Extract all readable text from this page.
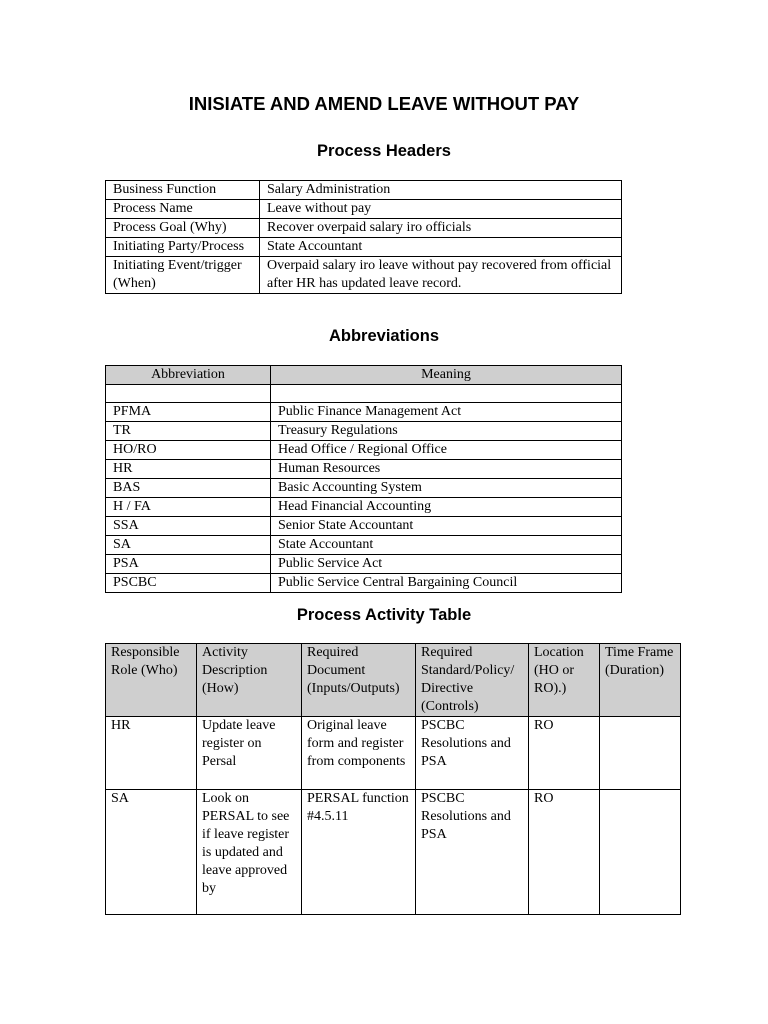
INISIATE AND AMEND LEAVE WITHOUT PAY
Process Headers
Business Function	Salary Administration
Process Name	Leave without pay
Process Goal (Why)	Recover overpaid salary iro officials
Initiating Party/Process	State Accountant
Initiating Event/trigger (When)	Overpaid salary iro leave without pay recovered from official after HR has updated leave record.
Abbreviations
Abbreviation	Meaning

PFMA	Public Finance Management Act
TR	Treasury Regulations
HO/RO	Head Office / Regional Office
HR	Human Resources
BAS	Basic Accounting System
H / FA	Head Financial Accounting
SSA	Senior State Accountant
SA	State Accountant
PSA	Public Service Act
PSCBC	Public Service Central Bargaining Council
Process Activity Table
Responsible Role (Who)	Activity Description (How)	Required Document (Inputs/Outputs)	Required Standard/Policy/ Directive (Controls)	Location (HO or RO).)	Time Frame (Duration)
HR	Update leave register on Persal	Original leave form and register from components	PSCBC Resolutions and PSA	RO	
SA	Look on PERSAL to see if leave register is updated and leave approved by	PERSAL function #4.5.11	PSCBC Resolutions and PSA	RO	
